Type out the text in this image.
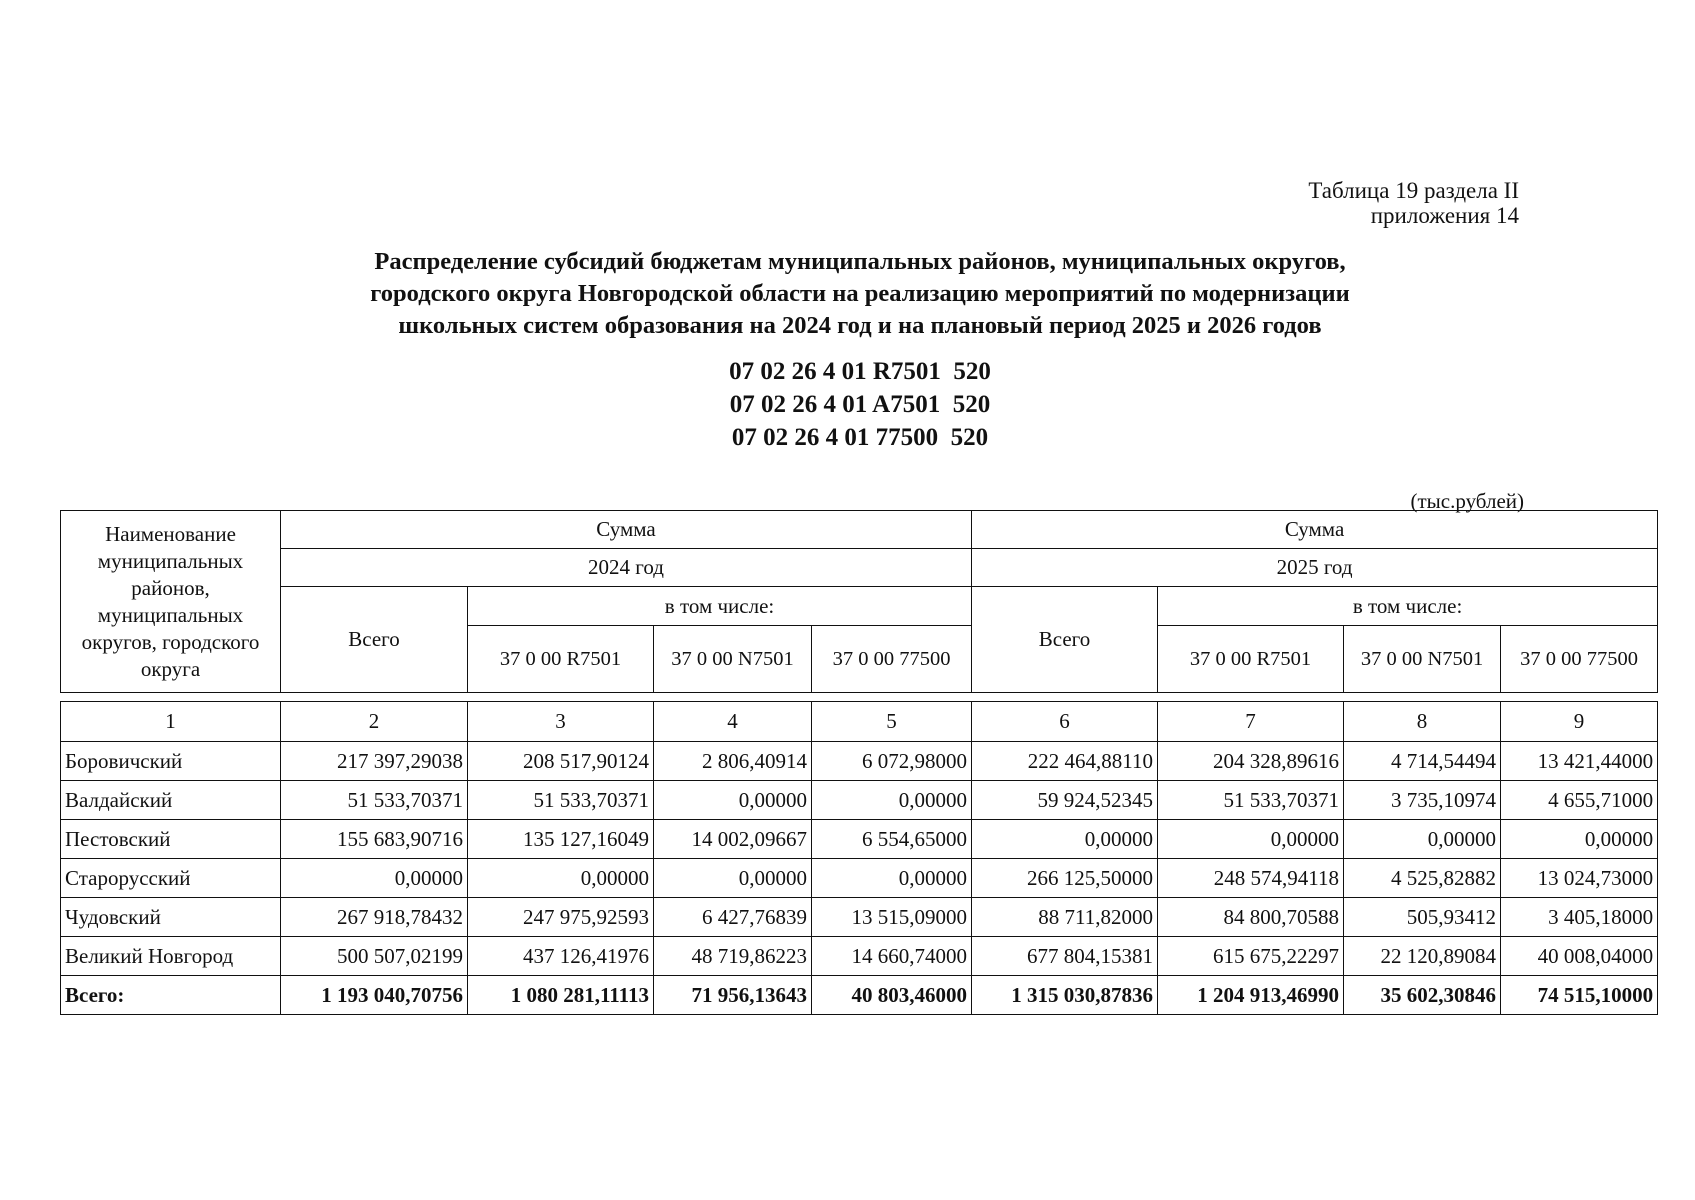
Таблица 19 раздела II
приложения 14
Распределение субсидий бюджетам муниципальных районов, муниципальных округов,
городского округа Новгородской области на реализацию мероприятий по модернизации
школьных систем образования на 2024 год и на плановый период 2025 и 2026 годов
07 02 26 4 01 R7501  520
07 02 26 4 01 A7501  520
07 02 26 4 01 77500  520
(тыс.рублей)
Наименование муниципальных районов, муниципальных округов, городского округа	Сумма				Сумма			
	2024 год				2025 год			
	Всего	в том числе:			Всего	в том числе:		
		37 0 00 R7501	37 0 00 N7501	37 0 00 77500		37 0 00 R7501	37 0 00 N7501	37 0 00 77500

1	2	3	4	5	6	7	8	9
Боровичский	217 397,29038	208 517,90124	2 806,40914	6 072,98000	222 464,88110	204 328,89616	4 714,54494	13 421,44000
Валдайский	51 533,70371	51 533,70371	0,00000	0,00000	59 924,52345	51 533,70371	3 735,10974	4 655,71000
Пестовский	155 683,90716	135 127,16049	14 002,09667	6 554,65000	0,00000	0,00000	0,00000	0,00000
Старорусский	0,00000	0,00000	0,00000	0,00000	266 125,50000	248 574,94118	4 525,82882	13 024,73000
Чудовский	267 918,78432	247 975,92593	6 427,76839	13 515,09000	88 711,82000	84 800,70588	505,93412	3 405,18000
Великий Новгород	500 507,02199	437 126,41976	48 719,86223	14 660,74000	677 804,15381	615 675,22297	22 120,89084	40 008,04000
Всего:	1 193 040,70756	1 080 281,11113	71 956,13643	40 803,46000	1 315 030,87836	1 204 913,46990	35 602,30846	74 515,10000
